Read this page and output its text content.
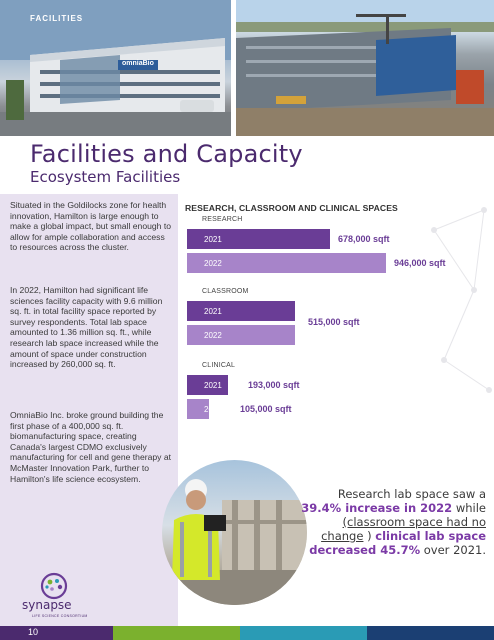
FACILITIES
omniaBio
Facilities and Capacity
Ecosystem Facilities

Situated in the Goldilocks zone for health innovation, Hamilton is large enough to make a global impact, but small enough to allow for ample collaboration and access to resources across the cluster.

In 2022, Hamilton had significant life sciences facility capacity with 9.6 million sq. ft. in total facility space reported by survey respondents. Total lab space amounted to 1.36 million sq. ft., while research lab space increased while the amount of space under construction increased by 260,000 sq. ft.

OmniaBio Inc. broke ground building the first phase of a 400,000 sq. ft. biomanufacturing space, creating Canada's largest CDMO exclusively manufacturing for cell and gene therapy at McMaster Innovation Park, further to Hamilton's life science ecosystem.

synapse
LIFE SCIENCE CONSORTIUM
RESEARCH, CLASSROOM AND CLINICAL SPACES
RESEARCH
2021	678,000 sqft
2022	946,000 sqft
CLASSROOM
2021
2022
515,000 sqft
CLINICAL
2021	193,000 sqft
2022 105,000 sqft

Research lab space saw a 39.4% increase in 2022 while (classroom space had no change ) clinical lab space decreased 45.7% over 2021.

10
